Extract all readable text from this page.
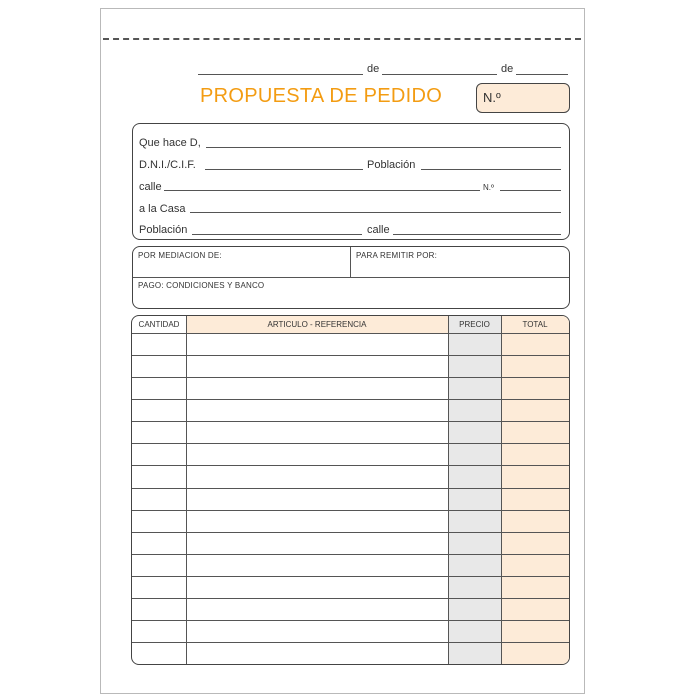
de	de
PROPUESTA DE PEDIDO	N.º
Que hace D,
D.N.I./C.I.F.	Población
calle	N.º
a la Casa
Población	calle
POR MEDIACION DE:	PARA REMITIR POR:
PAGO: CONDICIONES Y BANCO
CANTIDAD	ARTICULO - REFERENCIA	PRECIO	TOTAL
